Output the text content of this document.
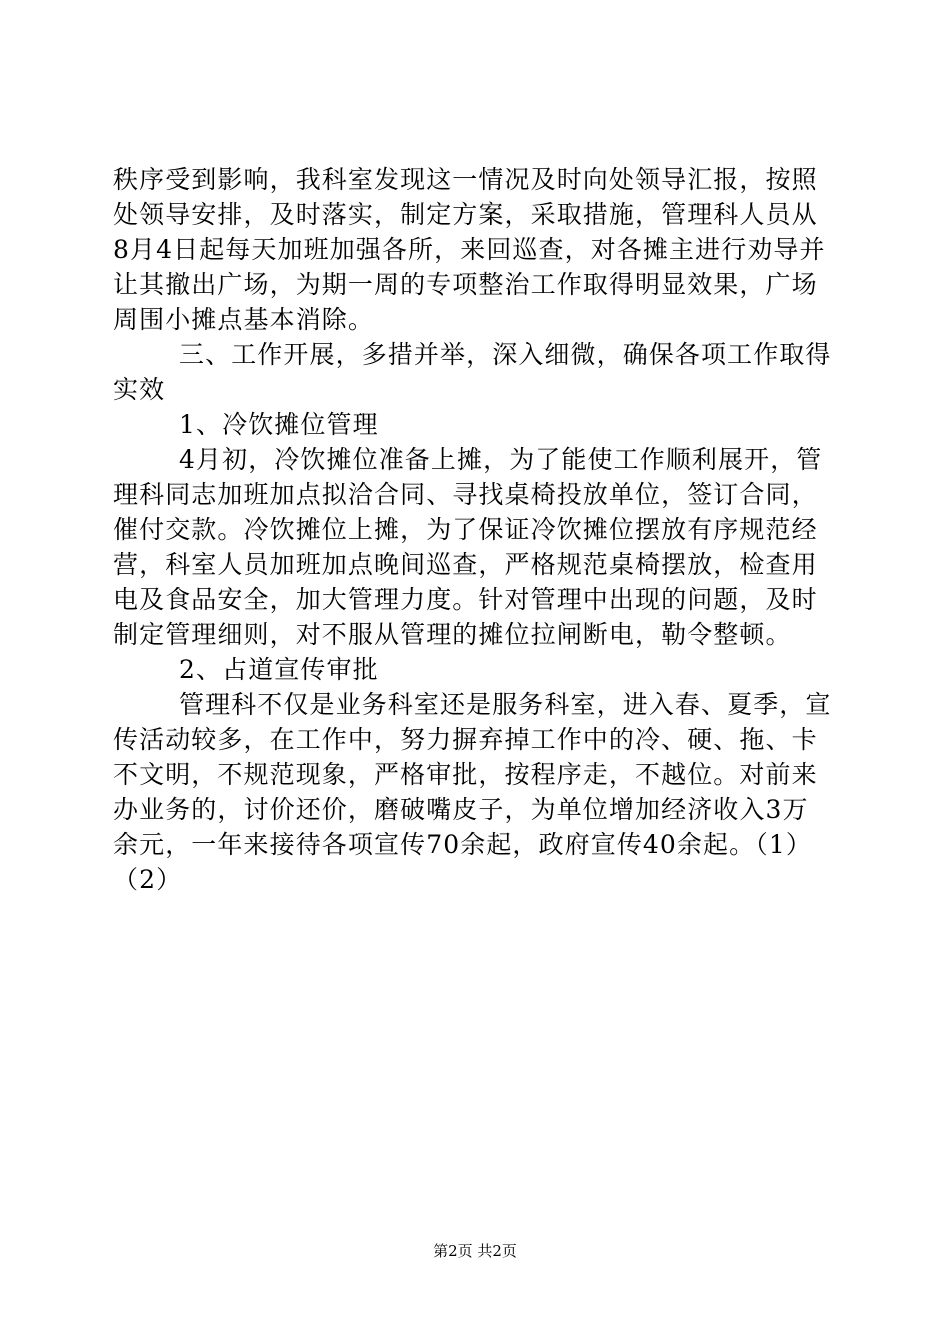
秩序受到影响，我科室发现这一情况及时向处领导汇报，按照
处领导安排，及时落实，制定方案，采取措施，管理科人员从
8月4日起每天加班加强各所，来回巡查，对各摊主进行劝导并
让其撤出广场，为期一周的专项整治工作取得明显效果，广场
周围小摊点基本消除。
三、工作开展，多措并举，深入细微，确保各项工作取得
实效
1、冷饮摊位管理
4月初，冷饮摊位准备上摊，为了能使工作顺利展开，管
理科同志加班加点拟洽合同、寻找桌椅投放单位，签订合同，
催付交款。冷饮摊位上摊，为了保证冷饮摊位摆放有序规范经
营，科室人员加班加点晚间巡查，严格规范桌椅摆放，检查用
电及食品安全，加大管理力度。针对管理中出现的问题，及时
制定管理细则，对不服从管理的摊位拉闸断电，勒令整顿。
2、占道宣传审批
管理科不仅是业务科室还是服务科室，进入春、夏季，宣
传活动较多，在工作中，努力摒弃掉工作中的冷、硬、拖、卡
不文明，不规范现象，严格审批，按程序走，不越位。对前来
办业务的，讨价还价，磨破嘴皮子，为单位增加经济收入3万
余元，一年来接待各项宣传70余起，政府宣传40余起。（1）
（2）
第2页 共2页
